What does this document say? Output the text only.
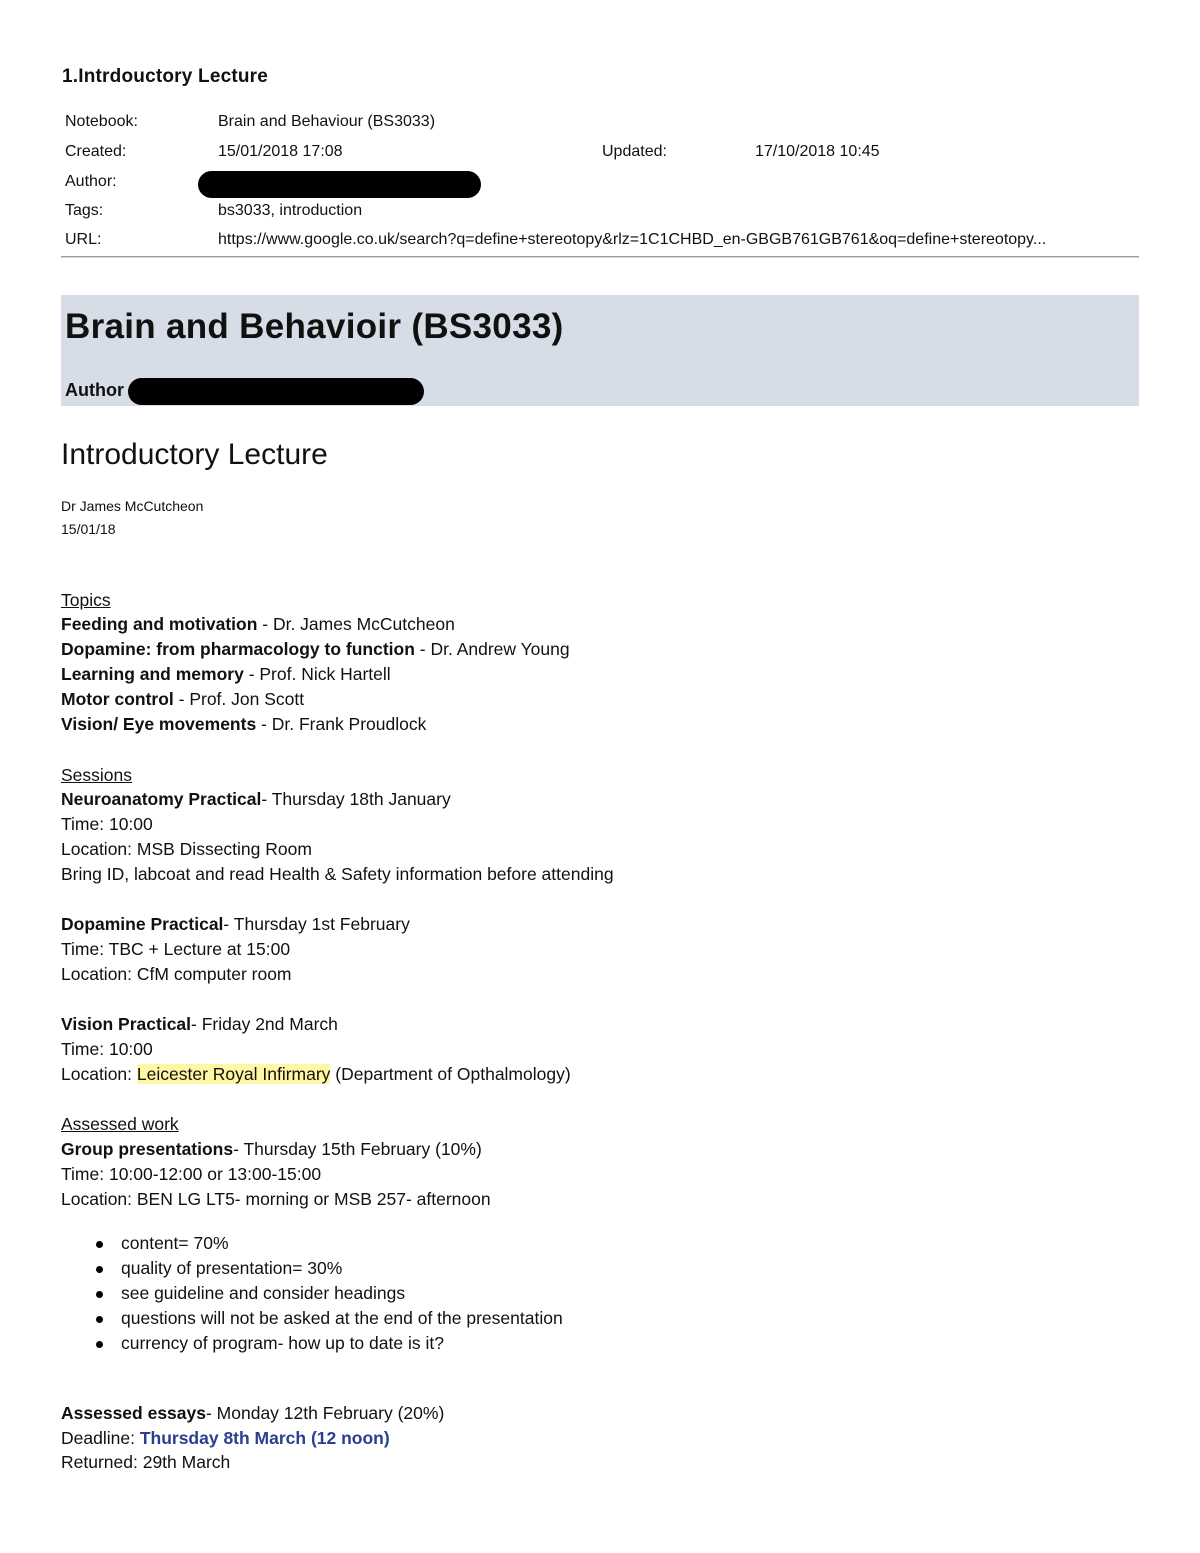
1.Intrdouctory Lecture
Notebook:	Brain and Behaviour (BS3033)
Created:	15/01/2018 17:08	Updated:	17/10/2018 10:45
Author:
Tags:	bs3033, introduction
URL:	https://www.google.co.uk/search?q=define+stereotopy&rlz=1C1CHBD_en-GBGB761GB761&oq=define+stereotopy...
Brain and Behavioir (BS3033)
Author
Introductory Lecture
Dr James McCutcheon
15/01/18
Topics
Feeding and motivation - Dr. James McCutcheon
Dopamine: from pharmacology to function - Dr. Andrew Young
Learning and memory - Prof. Nick Hartell
Motor control - Prof. Jon Scott
Vision/ Eye movements - Dr. Frank Proudlock
Sessions
Neuroanatomy Practical- Thursday 18th January
Time: 10:00
Location: MSB Dissecting Room
Bring ID, labcoat and read Health & Safety information before attending
Dopamine Practical- Thursday 1st February
Time: TBC + Lecture at 15:00
Location: CfM computer room
Vision Practical- Friday 2nd March
Time: 10:00
Location: Leicester Royal Infirmary (Department of Opthalmology)
Assessed work
Group presentations- Thursday 15th February (10%)
Time: 10:00-12:00 or 13:00-15:00
Location: BEN LG LT5- morning or MSB 257- afternoon
content= 70%
quality of presentation= 30%
see guideline and consider headings
questions will not be asked at the end of the presentation
currency of program- how up to date is it?
Assessed essays- Monday 12th February (20%)
Deadline: Thursday 8th March (12 noon)
Returned: 29th March
